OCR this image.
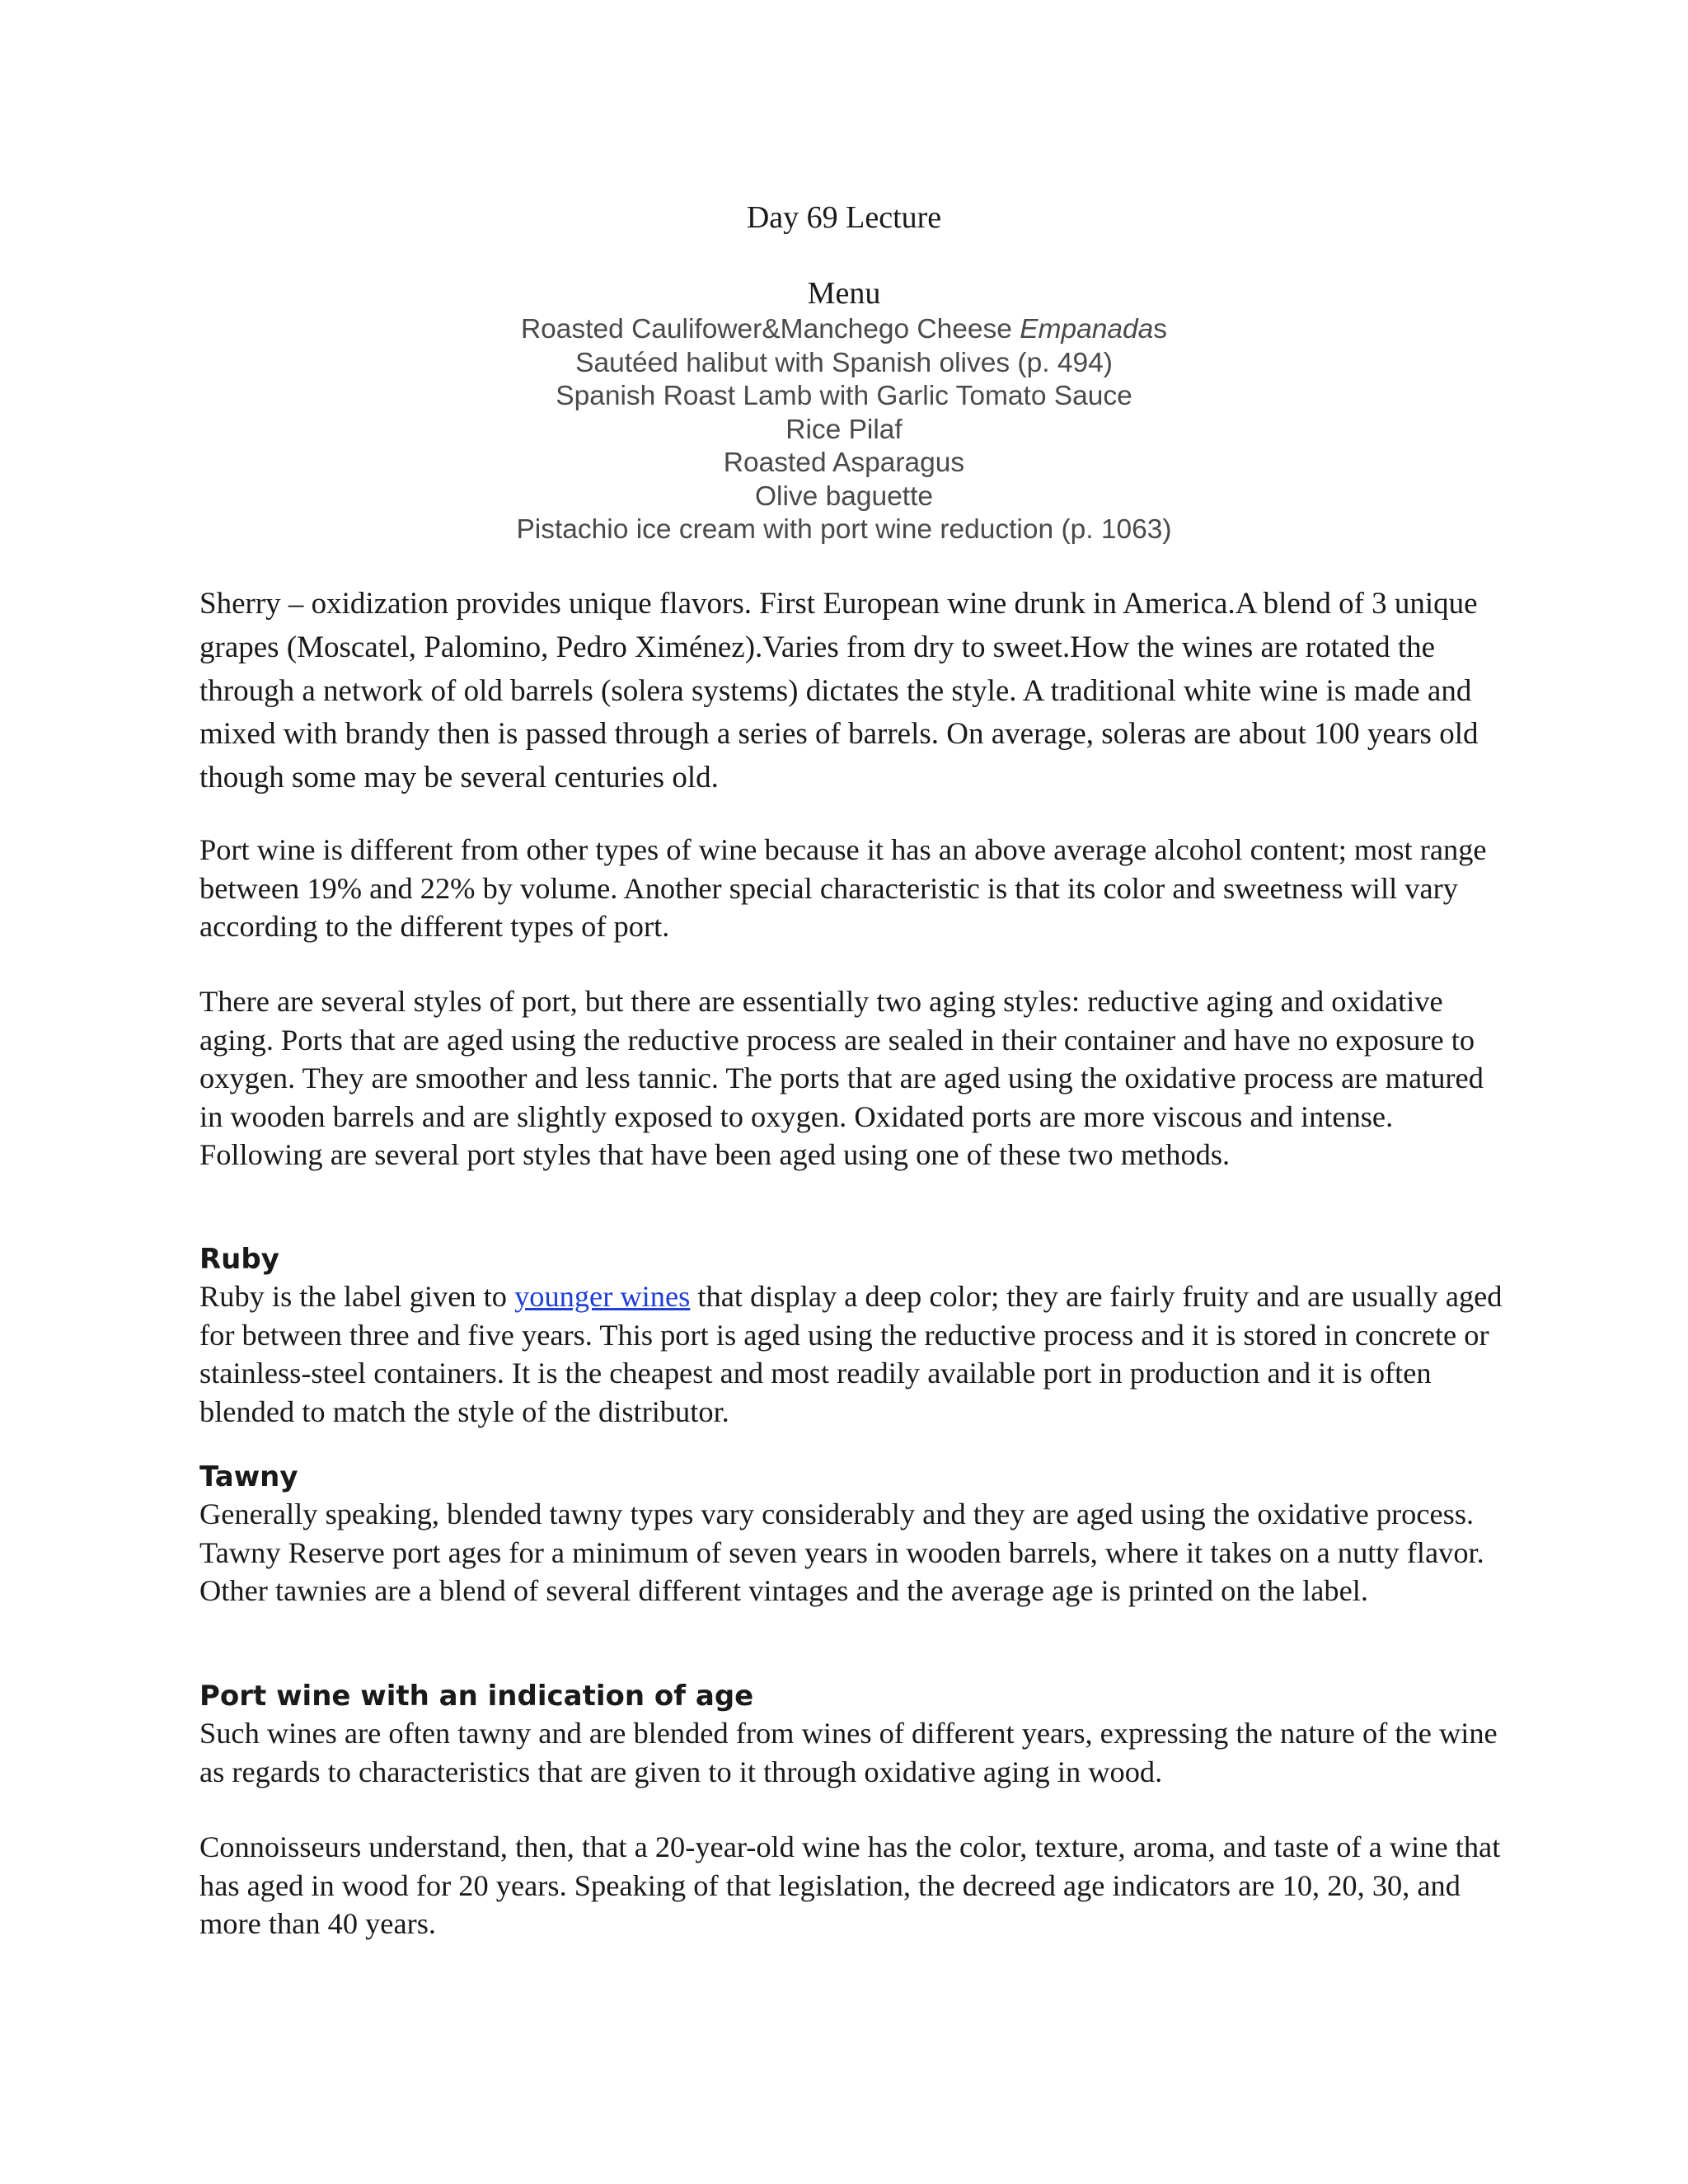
Day 69 Lecture
Menu
Roasted Caulifower&Manchego Cheese Empanadas
Sautéed halibut with Spanish olives (p. 494)
Spanish Roast Lamb with Garlic Tomato Sauce
Rice Pilaf
Roasted Asparagus
Olive baguette
Pistachio ice cream with port wine reduction (p. 1063)

Sherry – oxidization provides unique flavors. First European wine drunk in America.A blend of 3 unique grapes (Moscatel, Palomino, Pedro Ximénez).Varies from dry to sweet.How the wines are rotated the through a network of old barrels (solera systems) dictates the style. A traditional white wine is made and mixed with brandy then is passed through a series of barrels. On average, soleras are about 100 years old though some may be several centuries old.

Port wine is different from other types of wine because it has an above average alcohol content; most range between 19% and 22% by volume. Another special characteristic is that its color and sweetness will vary according to the different types of port.

There are several styles of port, but there are essentially two aging styles: reductive aging and oxidative aging. Ports that are aged using the reductive process are sealed in their container and have no exposure to oxygen. They are smoother and less tannic. The ports that are aged using the oxidative process are matured in wooden barrels and are slightly exposed to oxygen. Oxidated ports are more viscous and intense. Following are several port styles that have been aged using one of these two methods.

Ruby

Ruby is the label given to younger wines that display a deep color; they are fairly fruity and are usually aged for between three and five years. This port is aged using the reductive process and it is stored in concrete or stainless-steel containers. It is the cheapest and most readily available port in production and it is often blended to match the style of the distributor.

Tawny

Generally speaking, blended tawny types vary considerably and they are aged using the oxidative process. Tawny Reserve port ages for a minimum of seven years in wooden barrels, where it takes on a nutty flavor. Other tawnies are a blend of several different vintages and the average age is printed on the label.

Port wine with an indication of age

Such wines are often tawny and are blended from wines of different years, expressing the nature of the wine as regards to characteristics that are given to it through oxidative aging in wood.

Connoisseurs understand, then, that a 20-year-old wine has the color, texture, aroma, and taste of a wine that has aged in wood for 20 years. Speaking of that legislation, the decreed age indicators are 10, 20, 30, and more than 40 years.
